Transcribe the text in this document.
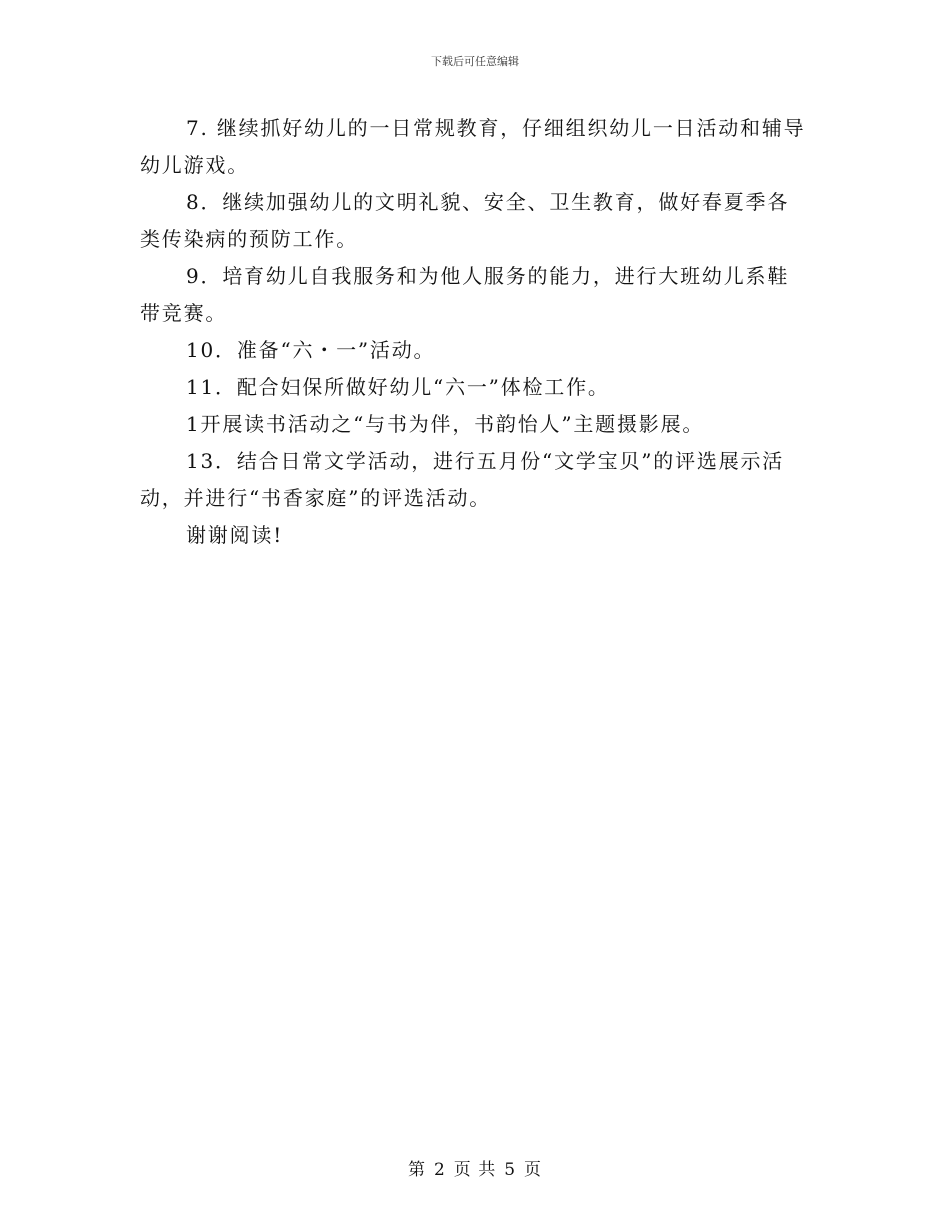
下载后可任意编辑

7. 继续抓好幼儿的一日常规教育，仔细组织幼儿一日活动和辅导幼儿游戏。

8．继续加强幼儿的文明礼貌、安全、卫生教育，做好春夏季各类传染病的预防工作。

9．培育幼儿自我服务和为他人服务的能力，进行大班幼儿系鞋带竞赛。

10．准备“六・一”活动。

11．配合妇保所做好幼儿“六一”体检工作。

1开展读书活动之“与书为伴，书韵怡人”主题摄影展。

13．结合日常文学活动，进行五月份“文学宝贝”的评选展示活动，并进行“书香家庭”的评选活动。

谢谢阅读!

第 2 页 共 5 页
